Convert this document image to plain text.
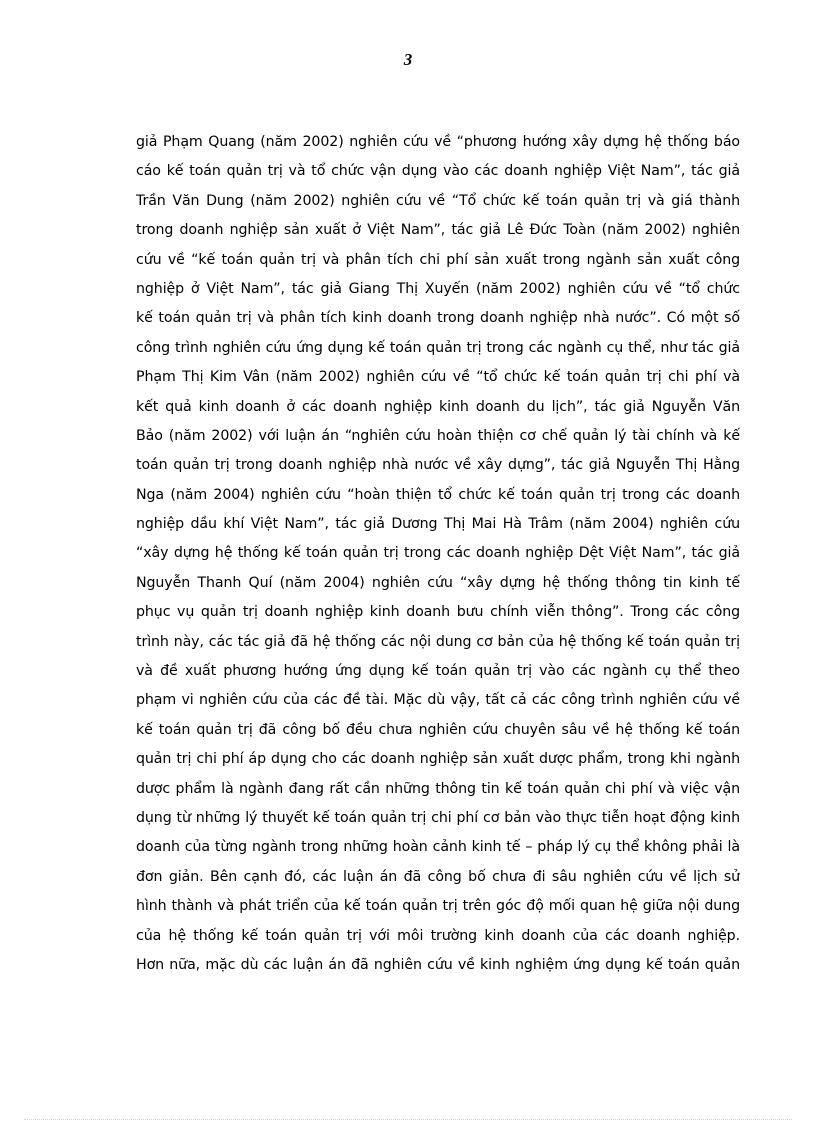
3
giả Phạm Quang (năm 2002) nghiên cứu về “phương hướng xây dựng hệ thống báo
cáo kế toán quản trị và tổ chức vận dụng vào các doanh nghiệp Việt Nam”, tác giả
Trần Văn Dung (năm 2002) nghiên cứu về “Tổ chức kế toán quản trị và giá thành
trong doanh nghiệp sản xuất ở Việt Nam”, tác giả Lê Đức Toàn (năm 2002) nghiên
cứu về “kế toán quản trị và phân tích chi phí sản xuất trong ngành sản xuất công
nghiệp ở Việt Nam”, tác giả Giang Thị Xuyến (năm 2002) nghiên cứu về “tổ chức
kế toán quản trị và phân tích kinh doanh trong doanh nghiệp nhà nước”. Có một số
công trình nghiên cứu ứng dụng kế toán quản trị trong các ngành cụ thể, như tác giả
Phạm Thị Kim Vân (năm 2002) nghiên cứu về “tổ chức kế toán quản trị chi phí và
kết quả kinh doanh ở các doanh nghiệp kinh doanh du lịch”, tác giả Nguyễn Văn
Bảo (năm 2002) với luận án “nghiên cứu hoàn thiện cơ chế quản lý tài chính và kế
toán quản trị trong doanh nghiệp nhà nước về xây dựng”, tác giả Nguyễn Thị Hằng
Nga (năm 2004) nghiên cứu “hoàn thiện tổ chức kế toán quản trị trong các doanh
nghiệp dầu khí Việt Nam”, tác giả Dương Thị Mai Hà Trâm (năm 2004) nghiên cứu
“xây dựng hệ thống kế toán quản trị trong các doanh nghiệp Dệt Việt Nam”, tác giả
Nguyễn Thanh Quí (năm 2004) nghiên cứu “xây dựng hệ thống thông tin kinh tế
phục vụ quản trị doanh nghiệp kinh doanh bưu chính viễn thông”. Trong các công
trình này, các tác giả đã hệ thống các nội dung cơ bản của hệ thống kế toán quản trị
và đề xuất phương hướng ứng dụng kế toán quản trị vào các ngành cụ thể theo
phạm vi nghiên cứu của các đề tài. Mặc dù vậy, tất cả các công trình nghiên cứu về
kế toán quản trị đã công bố đều chưa nghiên cứu chuyên sâu về hệ thống kế toán
quản trị chi phí áp dụng cho các doanh nghiệp sản xuất dược phẩm, trong khi ngành
dược phẩm là ngành đang rất cần những thông tin kế toán quản chi phí và việc vận
dụng từ những lý thuyết kế toán quản trị chi phí cơ bản vào thực tiễn hoạt động kinh
doanh của từng ngành trong những hoàn cảnh kinh tế – pháp lý cụ thể không phải là
đơn giản. Bên cạnh đó, các luận án đã công bố chưa đi sâu nghiên cứu về lịch sử
hình thành và phát triển của kế toán quản trị trên góc độ mối quan hệ giữa nội dung
của hệ thống kế toán quản trị với môi trường kinh doanh của các doanh nghiệp.
Hơn nữa, mặc dù các luận án đã nghiên cứu về kinh nghiệm ứng dụng kế toán quản
